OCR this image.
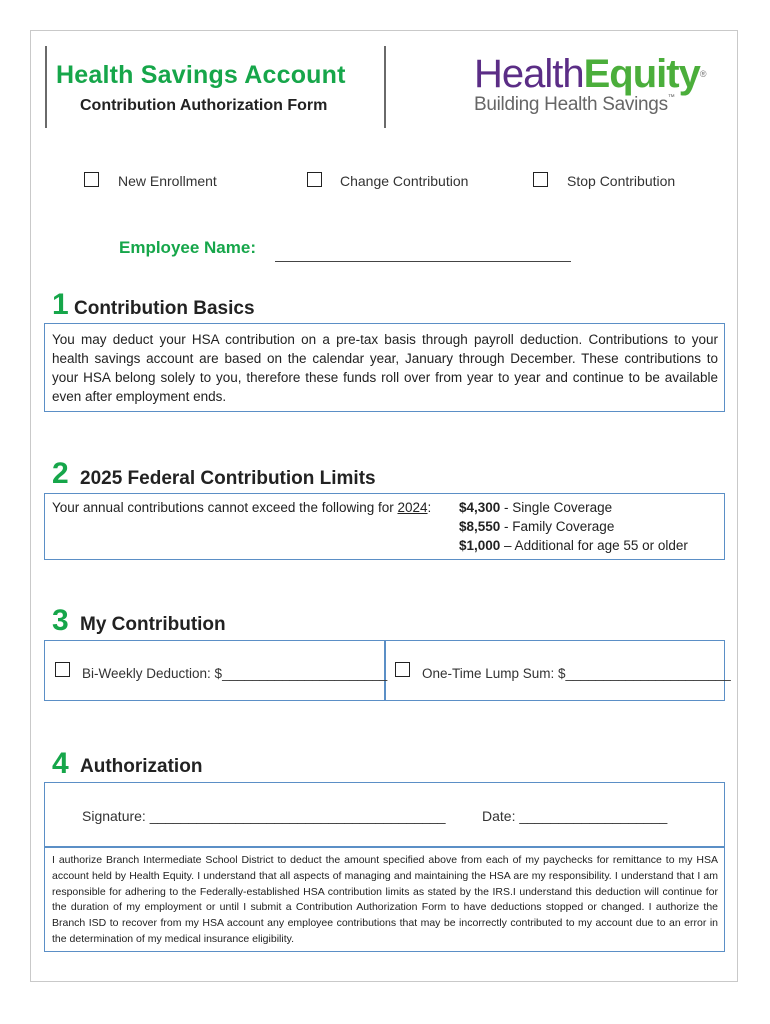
Health Savings Account
Contribution Authorization Form
HealthEquity®
Building Health Savings™
New Enrollment	Change Contribution	Stop Contribution
Employee Name:
1 Contribution Basics
You may deduct your HSA contribution on a pre-tax basis through payroll deduction. Contributions to your health savings account are based on the calendar year, January through December. These contributions to your HSA belong solely to you, therefore these funds roll over from year to year and continue to be available even after employment ends.
2 2025 Federal Contribution Limits
Your annual contributions cannot exceed the following for 2024: $4,300 - Single Coverage
$8,550 - Family Coverage
$1,000 – Additional for age 55 or older
3 My Contribution
Bi-Weekly Deduction: $______________________	One-Time Lump Sum: $______________________
4 Authorization
Signature: ______________________________________	Date: ___________________
I authorize Branch Intermediate School District to deduct the amount specified above from each of my paychecks for remittance to my HSA account held by Health Equity. I understand that all aspects of managing and maintaining the HSA are my responsibility. I understand that I am responsible for adhering to the Federally-established HSA contribution limits as stated by the IRS.I understand this deduction will continue for the duration of my employment or until I submit a Contribution Authorization Form to have deductions stopped or changed. I authorize the Branch ISD to recover from my HSA account any employee contributions that may be incorrectly contributed to my account due to an error in the determination of my medical insurance eligibility.
